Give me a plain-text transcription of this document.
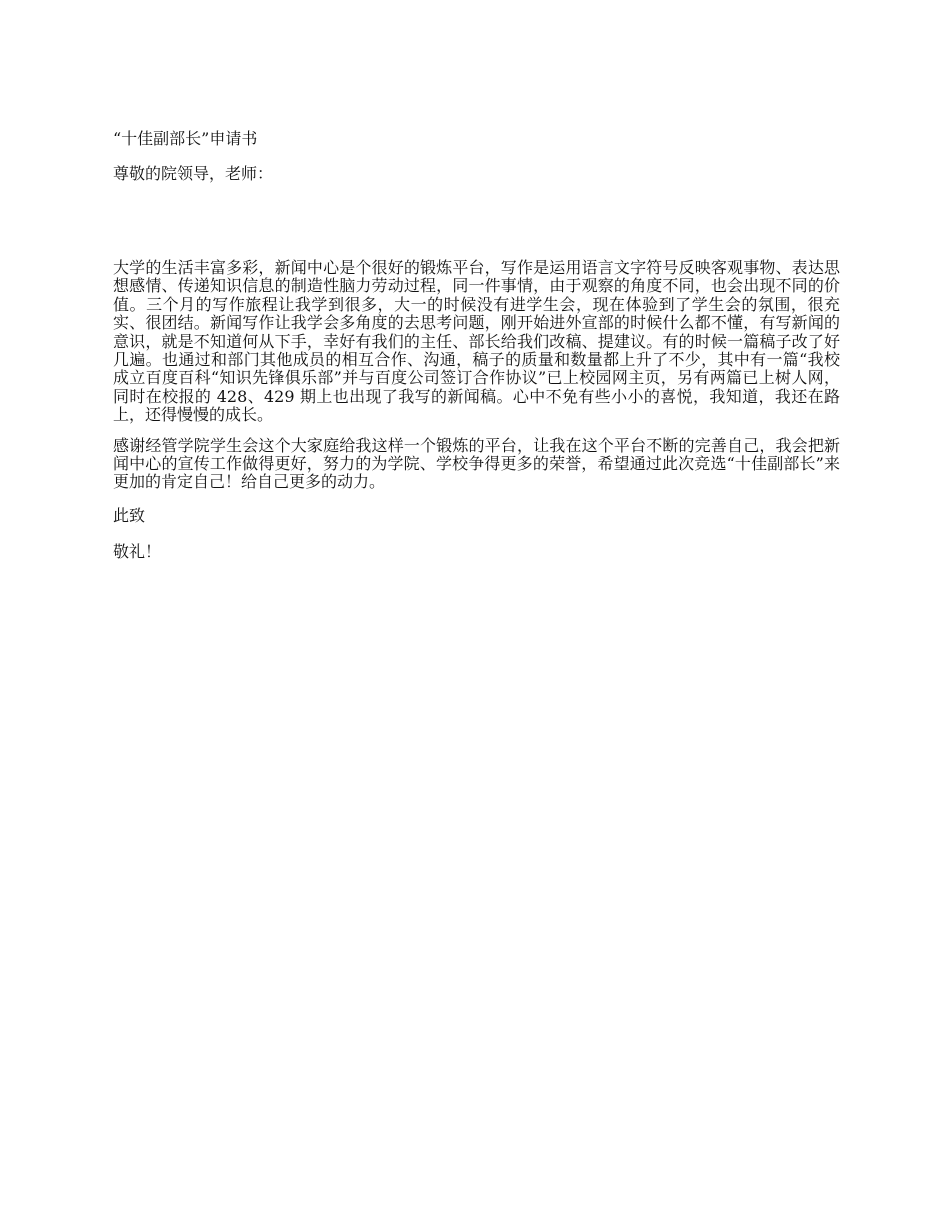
“十佳副部长”申请书

尊敬的院领导，老师：

大学的生活丰富多彩，新闻中心是个很好的锻炼平台，写作是运用语言文字符号反映客观事物、表达思想感情、传递知识信息的制造性脑力劳动过程，同一件事情，由于观察的角度不同，也会出现不同的价值。三个月的写作旅程让我学到很多，大一的时候没有进学生会，现在体验到了学生会的氛围，很充实、很团结。新闻写作让我学会多角度的去思考问题，刚开始进外宣部的时候什么都不懂，有写新闻的意识，就是不知道何从下手，幸好有我们的主任、部长给我们改稿、提建议。有的时候一篇稿子改了好几遍。也通过和部门其他成员的相互合作、沟通，稿子的质量和数量都上升了不少，其中有一篇“我校成立百度百科“知识先锋俱乐部”并与百度公司签订合作协议”已上校园网主页，另有两篇已上树人网，同时在校报的 428、429 期上也出现了我写的新闻稿。心中不免有些小小的喜悦，我知道，我还在路上，还得慢慢的成长。

感谢经管学院学生会这个大家庭给我这样一个锻炼的平台，让我在这个平台不断的完善自己，我会把新闻中心的宣传工作做得更好，努力的为学院、学校争得更多的荣誉，希望通过此次竞选“十佳副部长”来更加的肯定自己！给自己更多的动力。

此致

敬礼！
